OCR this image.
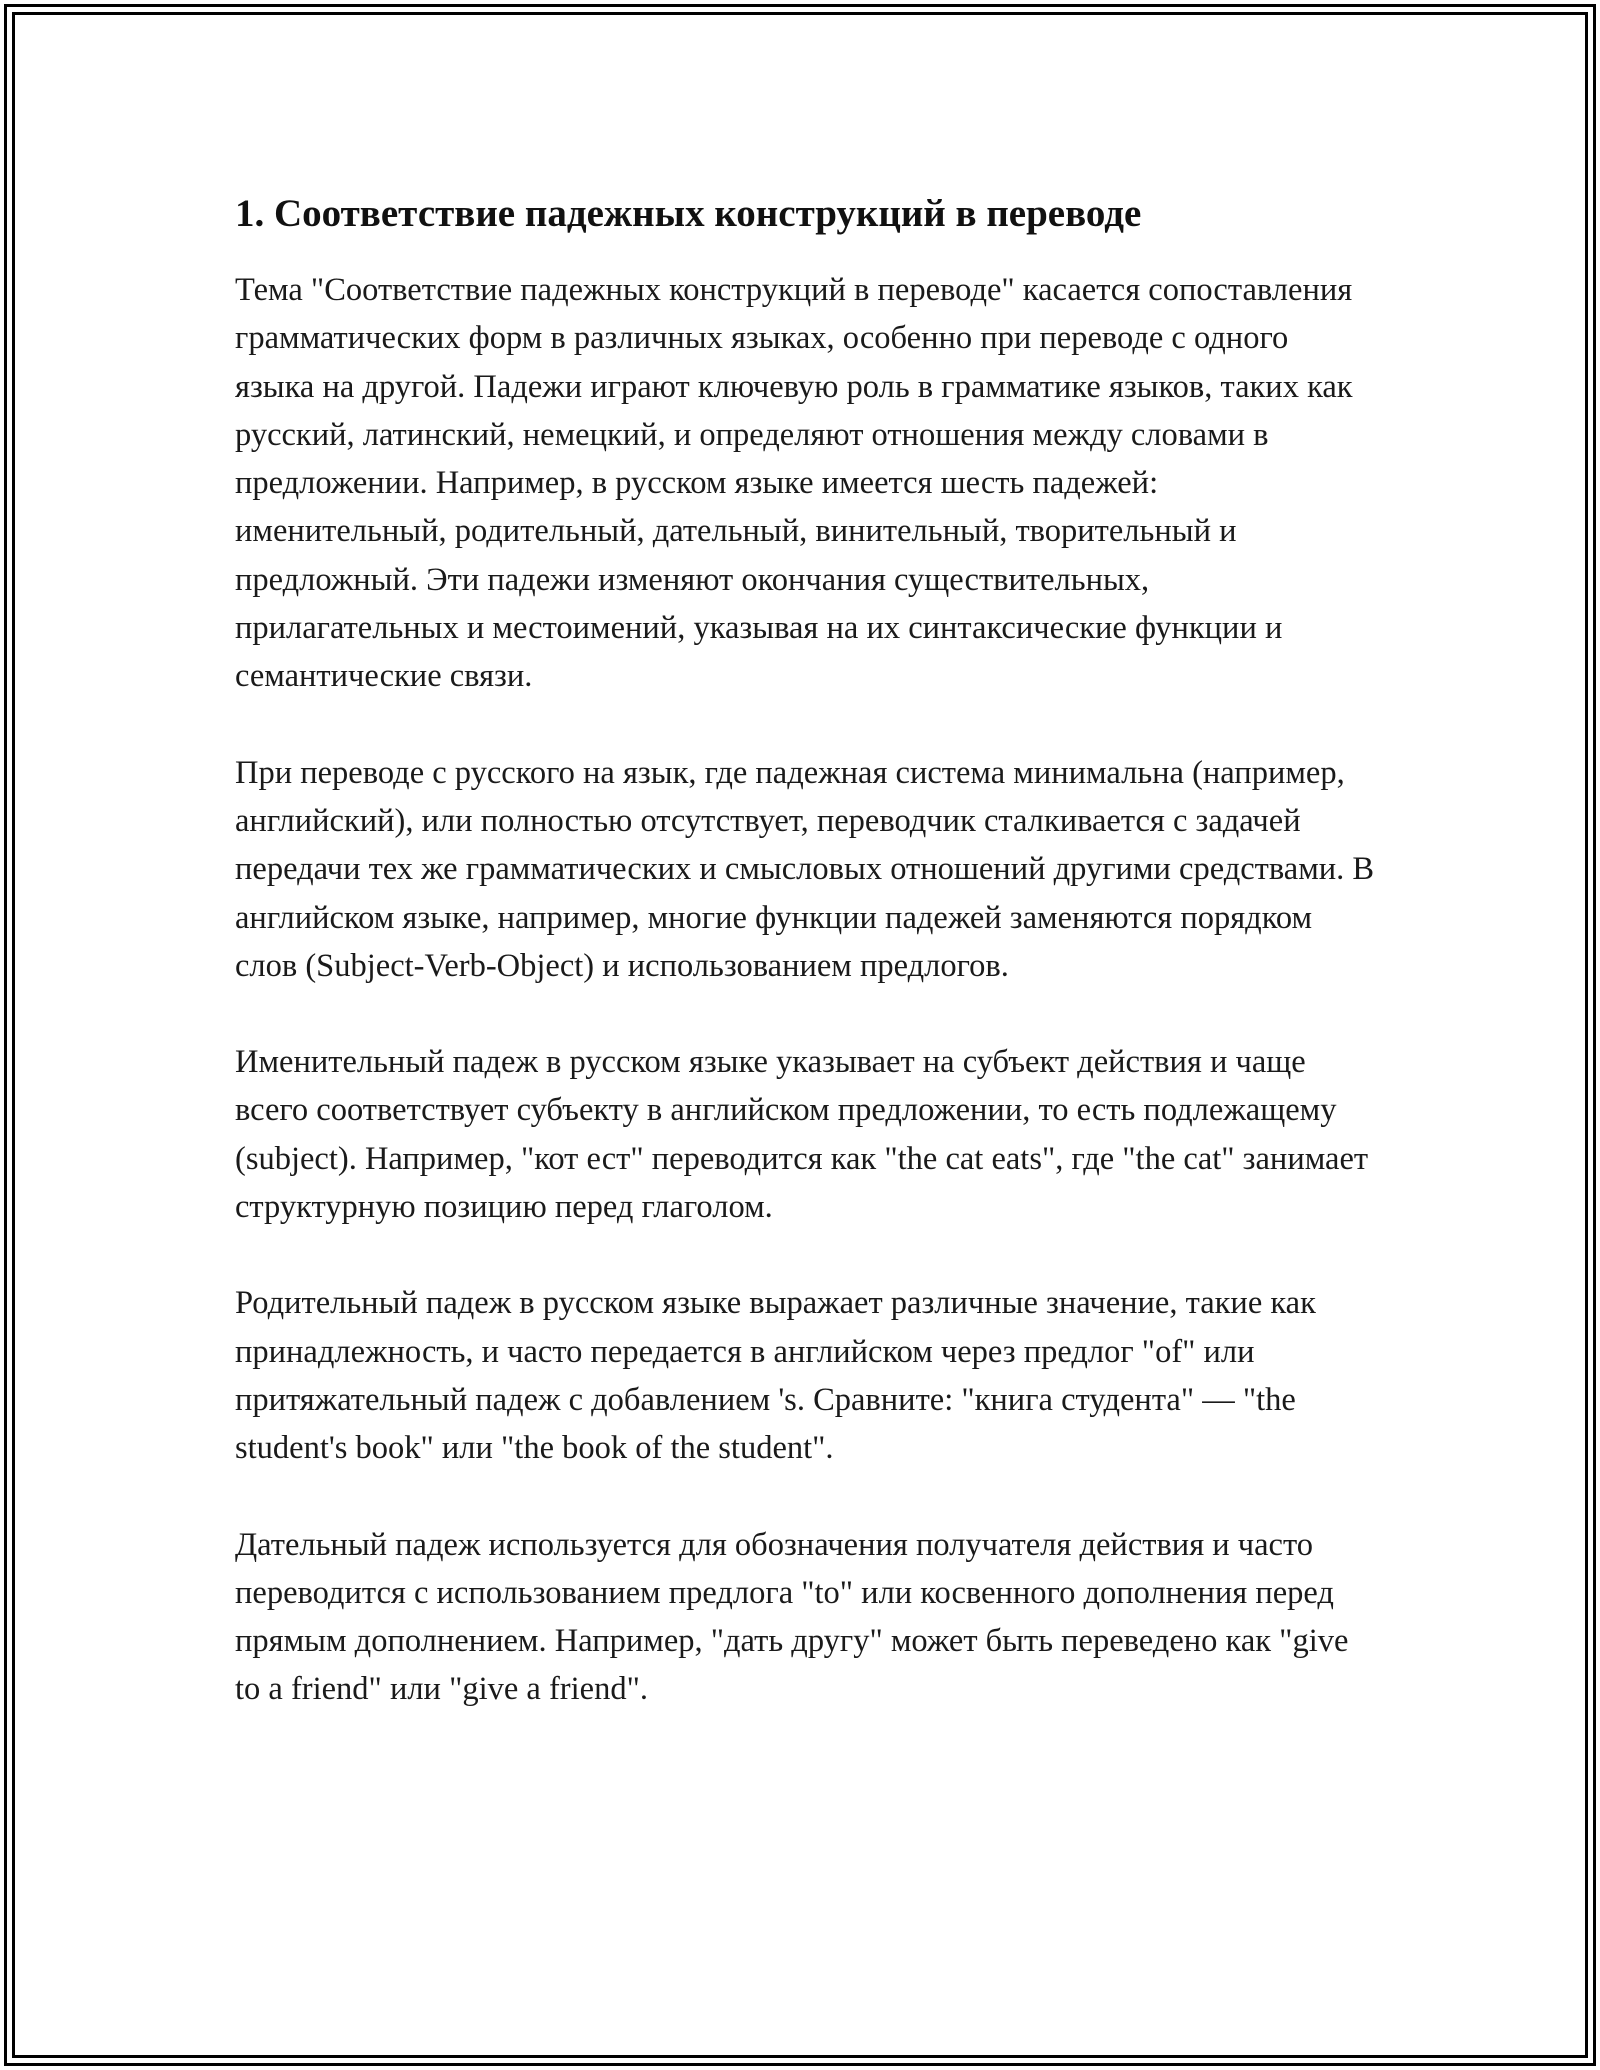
1. Соответствие падежных конструкций в переводе

Тема "Соответствие падежных конструкций в переводе" касается сопоставления грамматических форм в различных языках, особенно при переводе с одного языка на другой. Падежи играют ключевую роль в грамматике языков, таких как русский, латинский, немецкий, и определяют отношения между словами в предложении. Например, в русском языке имеется шесть падежей: именительный, родительный, дательный, винительный, творительный и предложный. Эти падежи изменяют окончания существительных, прилагательных и местоимений, указывая на их синтаксические функции и семантические связи.

При переводе с русского на язык, где падежная система минимальна (например, английский), или полностью отсутствует, переводчик сталкивается с задачей передачи тех же грамматических и смысловых отношений другими средствами. В английском языке, например, многие функции падежей заменяются порядком слов (Subject-Verb-Object) и использованием предлогов.

Именительный падеж в русском языке указывает на субъект действия и чаще всего соответствует субъекту в английском предложении, то есть подлежащему (subject). Например, "кот ест" переводится как "the cat eats", где "the cat" занимает структурную позицию перед глаголом.

Родительный падеж в русском языке выражает различные значение, такие как принадлежность, и часто передается в английском через предлог "of" или притяжательный падеж с добавлением 's. Сравните: "книга студента" — "the student's book" или "the book of the student".

Дательный падеж используется для обозначения получателя действия и часто переводится с использованием предлога "to" или косвенного дополнения перед прямым дополнением. Например, "дать другу" может быть переведено как "give to a friend" или "give a friend".
